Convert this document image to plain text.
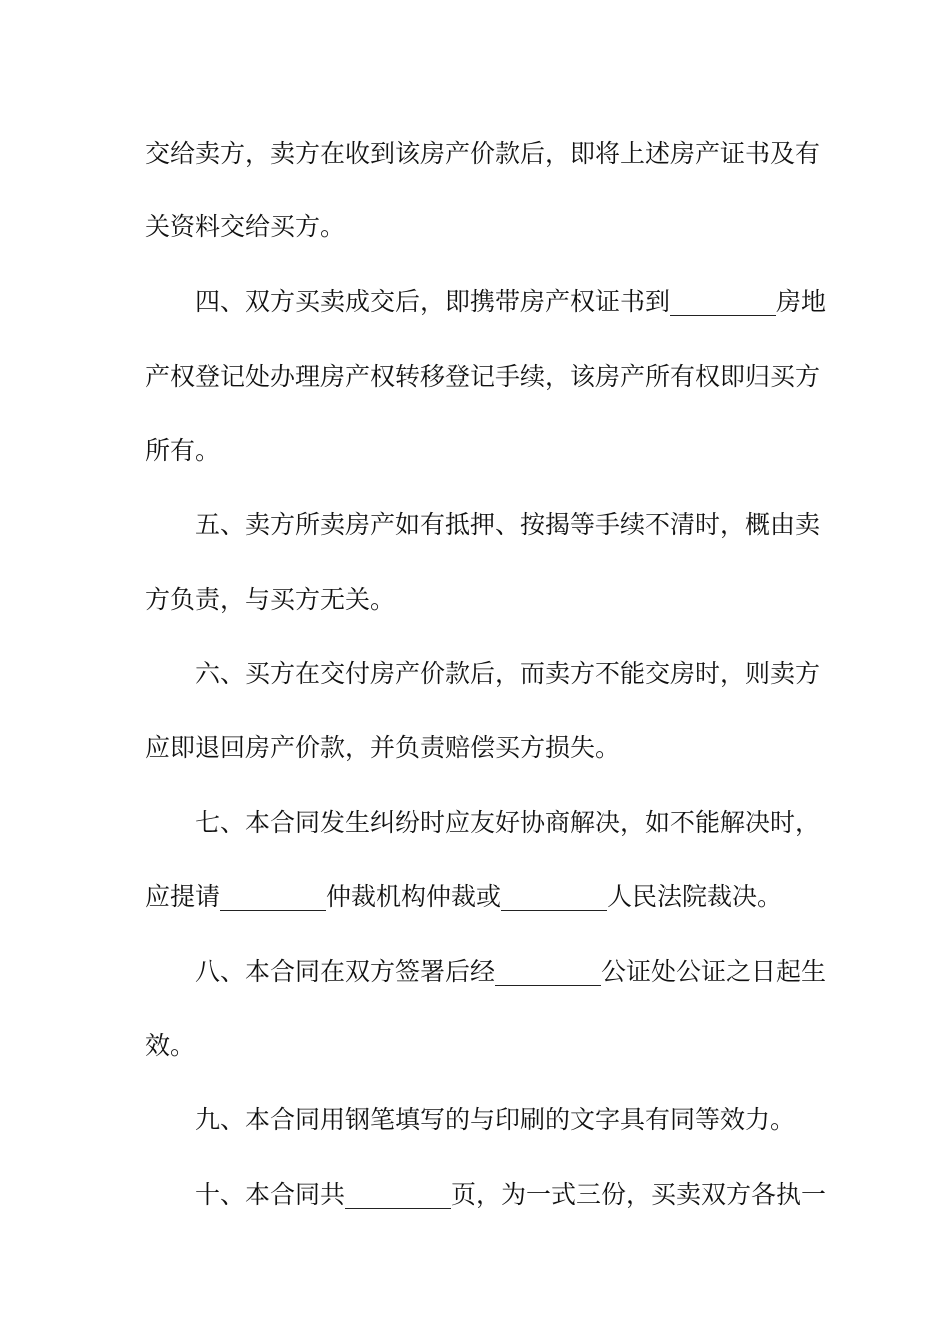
交给卖方，卖方在收到该房产价款后，即将上述房产证书及有
关资料交给买方。
四、双方买卖成交后，即携带房产权证书到	房地
产权登记处办理房产权转移登记手续，该房产所有权即归买方
所有。
五、卖方所卖房产如有抵押、按揭等手续不清时，概由卖
方负责，与买方无关。
六、买方在交付房产价款后，而卖方不能交房时，则卖方
应即退回房产价款，并负责赔偿买方损失。
七、本合同发生纠纷时应友好协商解决，如不能解决时，
应提请	仲裁机构仲裁或	人民法院裁决。
八、本合同在双方签署后经	公证处公证之日起生
效。
九、本合同用钢笔填写的与印刷的文字具有同等效力。
十、本合同共	页，为一式三份，买卖双方各执一
